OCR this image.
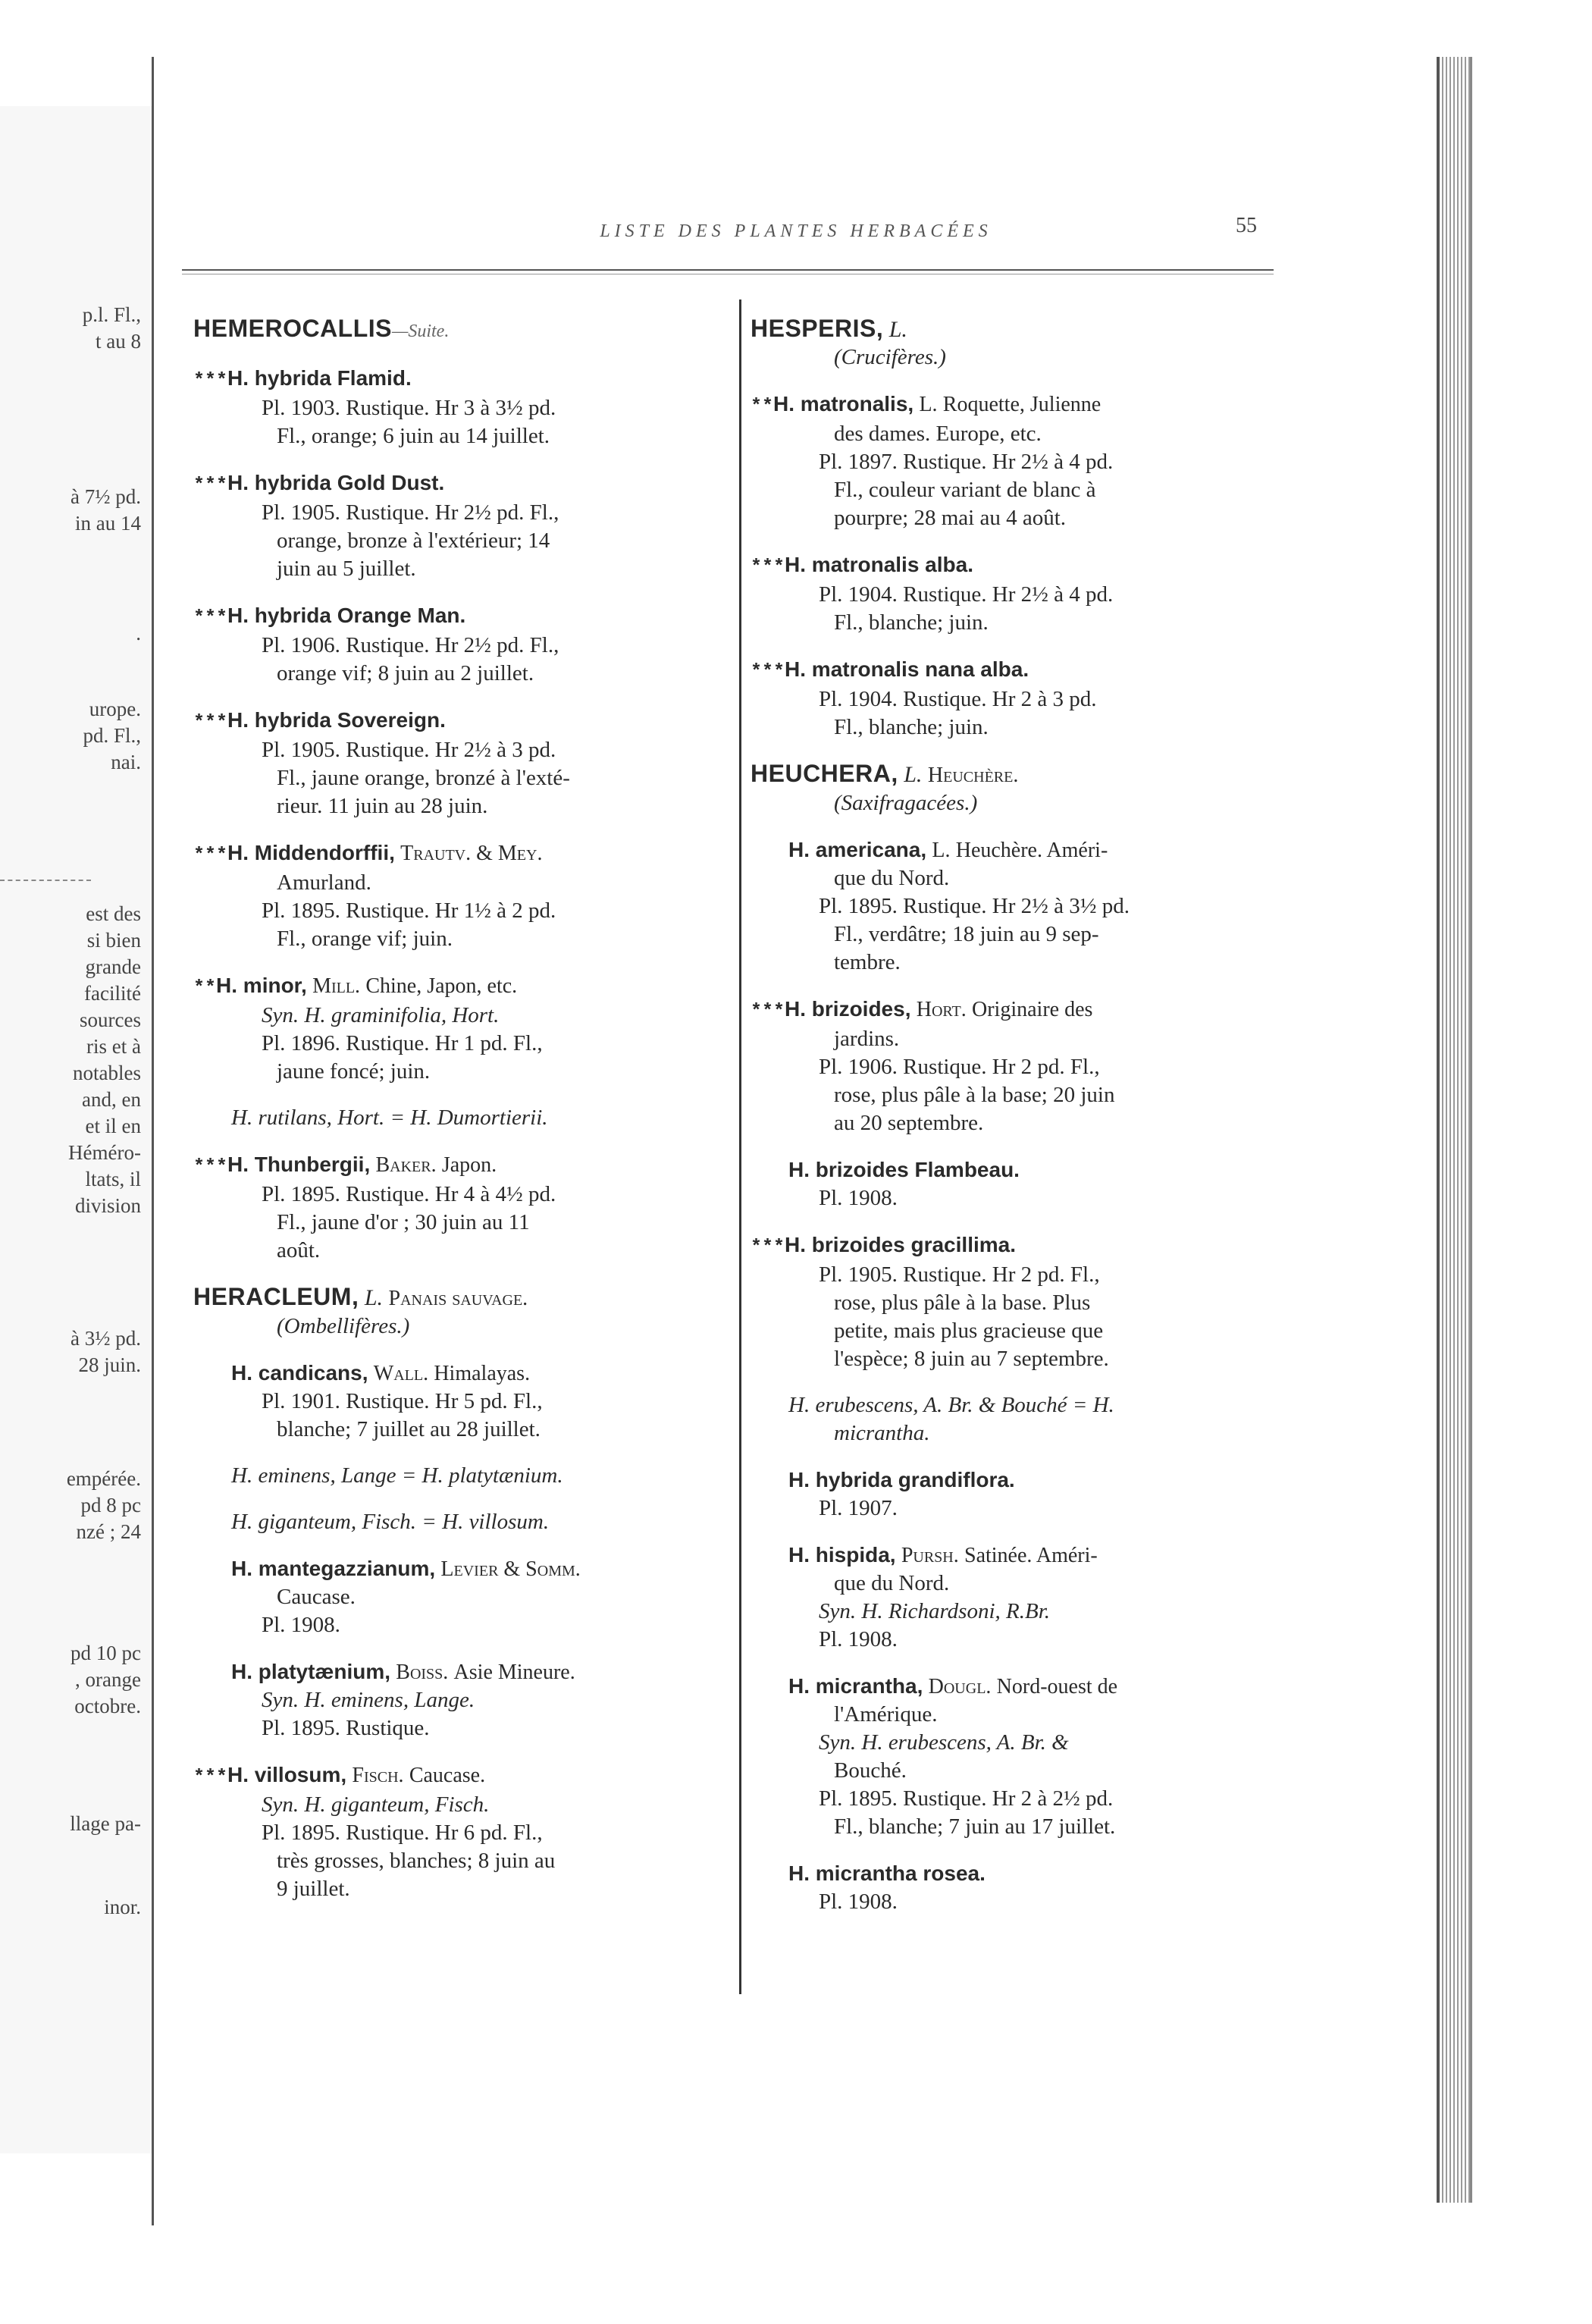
p.l. Fl.,
t au 8
à 7½ pd.
in au 14
.
urope.
pd. Fl.,
nai.
est des
si bien
grande
facilité
sources
ris et à
notables
and, en
et il en
Héméro-
ltats, il
division
à 3½ pd.
28 juin.
empérée.
pd 8 pc
nzé ; 24
pd 10 pc
, orange
octobre.
llage pa-
inor.
LISTE DES PLANTES HERBACÉES	55
HEMEROCALLIS—Suite.
***H. hybrida Flamid.
Pl. 1903. Rustique. Hr 3 à 3½ pd.
Fl., orange; 6 juin au 14 juillet.
***H. hybrida Gold Dust.
Pl. 1905. Rustique. Hr 2½ pd. Fl.,
orange, bronze à l'extérieur; 14
juin au 5 juillet.
***H. hybrida Orange Man.
Pl. 1906. Rustique. Hr 2½ pd. Fl.,
orange vif; 8 juin au 2 juillet.
***H. hybrida Sovereign.
Pl. 1905. Rustique. Hr 2½ à 3 pd.
Fl., jaune orange, bronzé à l'exté-
rieur. 11 juin au 28 juin.
***H. Middendorffii, Trautv. & Mey.
Amurland.
Pl. 1895. Rustique. Hr 1½ à 2 pd.
Fl., orange vif; juin.
**H. minor, Mill. Chine, Japon, etc.
Syn. H. graminifolia, Hort.
Pl. 1896. Rustique. Hr 1 pd. Fl.,
jaune foncé; juin.
H. rutilans, Hort. = H. Dumortierii.
***H. Thunbergii, Baker. Japon.
Pl. 1895. Rustique. Hr 4 à 4½ pd.
Fl., jaune d'or ; 30 juin au 11
août.
HERACLEUM, L. Panais sauvage.
(Ombellifères.)
H. candicans, Wall. Himalayas.
Pl. 1901. Rustique. Hr 5 pd. Fl.,
blanche; 7 juillet au 28 juillet.
H. eminens, Lange = H. platytænium.
H. giganteum, Fisch. = H. villosum.
H. mantegazzianum, Levier & Somm.
Caucase.
Pl. 1908.
H. platytænium, Boiss. Asie Mineure.
Syn. H. eminens, Lange.
Pl. 1895. Rustique.
***H. villosum, Fisch. Caucase.
Syn. H. giganteum, Fisch.
Pl. 1895. Rustique. Hr 6 pd. Fl.,
très grosses, blanches; 8 juin au
9 juillet.
HESPERIS, L.
(Crucifères.)
**H. matronalis, L. Roquette, Julienne
des dames. Europe, etc.
Pl. 1897. Rustique. Hr 2½ à 4 pd.
Fl., couleur variant de blanc à
pourpre; 28 mai au 4 août.
***H. matronalis alba.
Pl. 1904. Rustique. Hr 2½ à 4 pd.
Fl., blanche; juin.
***H. matronalis nana alba.
Pl. 1904. Rustique. Hr 2 à 3 pd.
Fl., blanche; juin.
HEUCHERA, L. Heuchère.
(Saxifragacées.)
H. americana, L. Heuchère. Améri-
que du Nord.
Pl. 1895. Rustique. Hr 2½ à 3½ pd.
Fl., verdâtre; 18 juin au 9 sep-
tembre.
***H. brizoides, Hort. Originaire des
jardins.
Pl. 1906. Rustique. Hr 2 pd. Fl.,
rose, plus pâle à la base; 20 juin
au 20 septembre.
H. brizoides Flambeau.
Pl. 1908.
***H. brizoides gracillima.
Pl. 1905. Rustique. Hr 2 pd. Fl.,
rose, plus pâle à la base. Plus
petite, mais plus gracieuse que
l'espèce; 8 juin au 7 septembre.
H. erubescens, A. Br. & Bouché = H.
micrantha.
H. hybrida grandiflora.
Pl. 1907.
H. hispida, Pursh. Satinée. Améri-
que du Nord.
Syn. H. Richardsoni, R.Br.
Pl. 1908.
H. micrantha, Dougl. Nord-ouest de
l'Amérique.
Syn. H. erubescens, A. Br. &
Bouché.
Pl. 1895. Rustique. Hr 2 à 2½ pd.
Fl., blanche; 7 juin au 17 juillet.
H. micrantha rosea.
Pl. 1908.
